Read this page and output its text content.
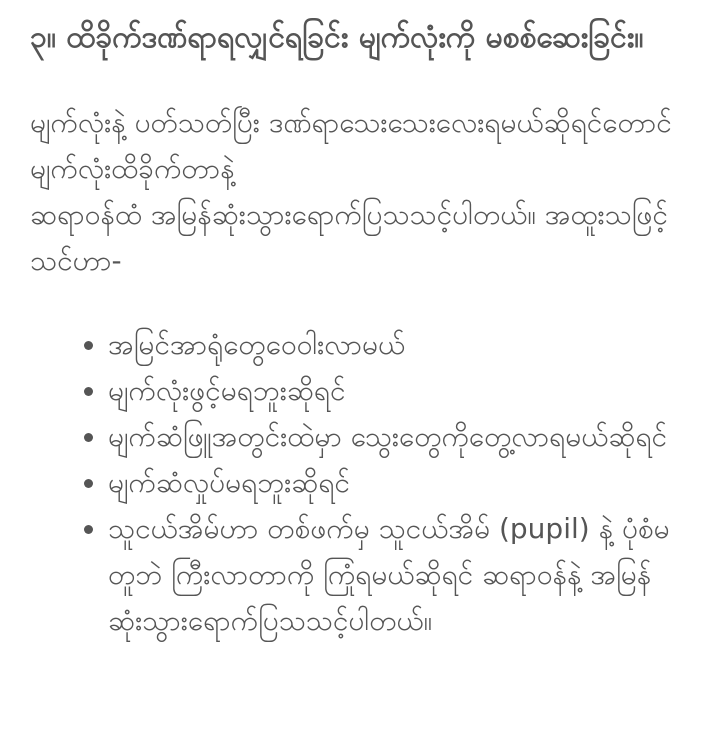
၃။ ထိခိုက်ဒဏ်ရာရလျှင်ရခြင်း မျက်လုံးကို မစစ်ဆေးခြင်း။

မျက်လုံးနဲ့ ပတ်သတ်ပြီး ဒဏ်ရာသေးသေးလေးရမယ်ဆိုရင်တောင် မျက်လုံးထိခိုက်တာနဲ့
ဆရာဝန်ထံ အမြန်ဆုံးသွားရောက်ပြသသင့်ပါတယ်။ အထူးသဖြင့် သင်ဟာ-

• အမြင်အာရုံတွေဝေဝါးလာမယ်
• မျက်လုံးဖွင့်မရဘူးဆိုရင်
• မျက်ဆံဖြူအတွင်းထဲမှာ သွေးတွေကိုတွေ့လာရမယ်ဆိုရင်
• မျက်ဆံလှုပ်မရဘူးဆိုရင်
• သူငယ်အိမ်ဟာ တစ်ဖက်မှ သူငယ်အိမ် (pupil) နဲ့ ပုံစံမတူဘဲ ကြီးလာတာကို ကြုံရမယ်ဆိုရင် ဆရာဝန်နဲ့ အမြန်ဆုံးသွားရောက်ပြသသင့်ပါတယ်။
